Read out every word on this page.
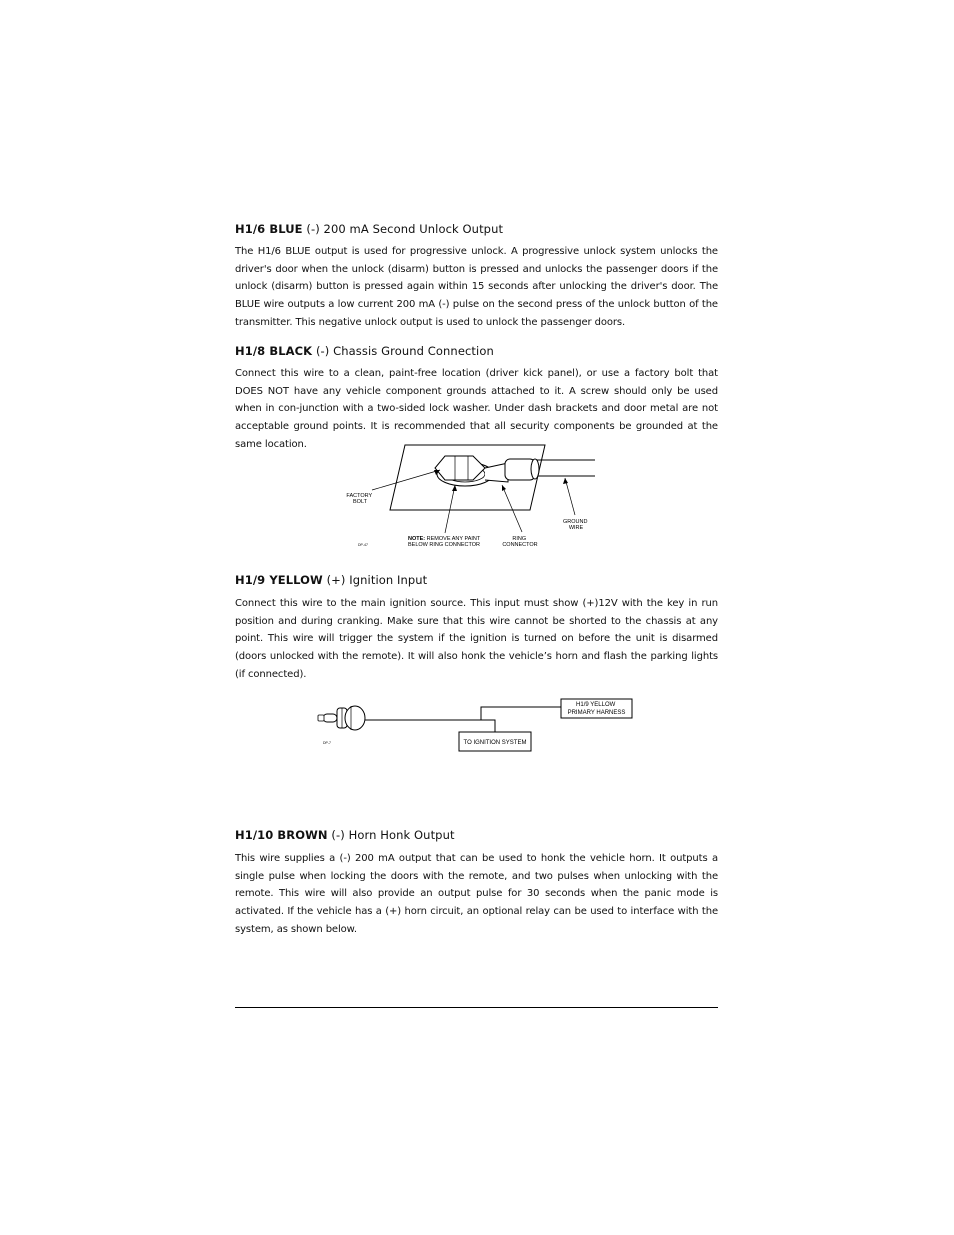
H1/6 BLUE (-) 200 mA Second Unlock Output
The H1/6 BLUE output is used for progressive unlock. A progressive unlock system unlocks the driver's door when the unlock (disarm) button is pressed and unlocks the passenger doors if the unlock (disarm) button is pressed again within 15 seconds after unlocking the driver's door. The BLUE wire outputs a low current 200 mA (-) pulse on the second press of the unlock button of the transmitter. This negative unlock output is used to unlock the passenger doors.
H1/8 BLACK (-) Chassis Ground Connection
Connect this wire to a clean, paint-free location (driver kick panel), or use a factory bolt that DOES NOT have any vehicle component grounds attached to it. A screw should only be used when in con-junction with a two-sided lock washer. Under dash brackets and door metal are not acceptable ground points. It is recommended that all security components be grounded at the same location.
FACTORY BOLT
NOTE: REMOVE ANY PAINT BELOW RING CONNECTOR
RING CONNECTOR
GROUND WIRE
DP-47
H1/9 YELLOW (+) Ignition Input
Connect this wire to the main ignition source. This input must show (+)12V with the key in run position and during cranking. Make sure that this wire cannot be shorted to the chassis at any point. This wire will trigger the system if the ignition is turned on before the unit is disarmed (doors unlocked with the remote). It will also honk the vehicle’s horn and flash the parking lights (if connected).
H1/9 YELLOW PRIMARY HARNESS
TO IGNITION SYSTEM
DP-7
H1/10 BROWN (-) Horn Honk Output
This wire supplies a (-) 200 mA output that can be used to honk the vehicle horn. It outputs a single pulse when locking the doors with the remote, and two pulses when unlocking with the remote. This wire will also provide an output pulse for 30 seconds when the panic mode is activated. If the vehicle has a (+) horn circuit, an optional relay can be used to interface with the system, as shown below.
